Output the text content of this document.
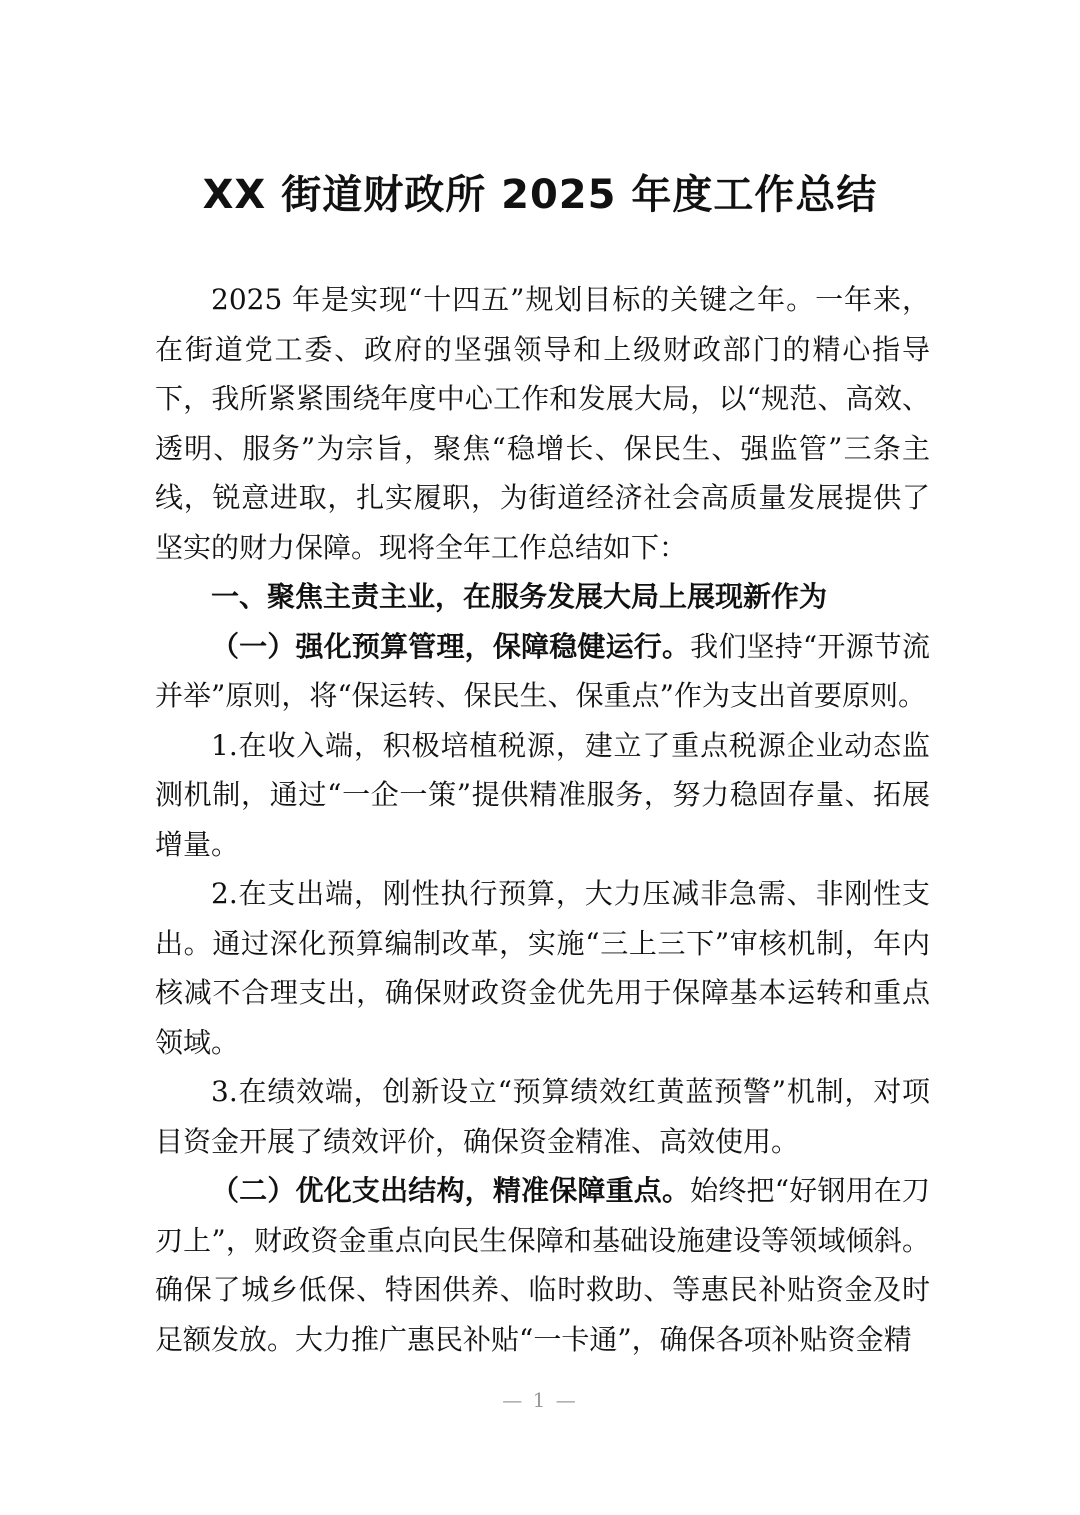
XX 街道财政所 2025 年度工作总结

2025 年是实现“十四五”规划目标的关键之年。一年来，在街道党工委、政府的坚强领导和上级财政部门的精心指导下，我所紧紧围绕年度中心工作和发展大局，以“规范、高效、透明、服务”为宗旨，聚焦“稳增长、保民生、强监管”三条主线，锐意进取，扎实履职，为街道经济社会高质量发展提供了坚实的财力保障。现将全年工作总结如下：

一、聚焦主责主业，在服务发展大局上展现新作为

（一）强化预算管理，保障稳健运行。我们坚持“开源节流并举”原则，将“保运转、保民生、保重点”作为支出首要原则。

1.在收入端，积极培植税源，建立了重点税源企业动态监测机制，通过“一企一策”提供精准服务，努力稳固存量、拓展增量。

2.在支出端，刚性执行预算，大力压减非急需、非刚性支出。通过深化预算编制改革，实施“三上三下”审核机制，年内核减不合理支出，确保财政资金优先用于保障基本运转和重点领域。

3.在绩效端，创新设立“预算绩效红黄蓝预警”机制，对项目资金开展了绩效评价，确保资金精准、高效使用。

（二）优化支出结构，精准保障重点。始终把“好钢用在刀刃上”，财政资金重点向民生保障和基础设施建设等领域倾斜。确保了城乡低保、特困供养、临时救助、等惠民补贴资金及时足额发放。大力推广惠民补贴“一卡通”，确保各项补贴资金精

— 1 —
